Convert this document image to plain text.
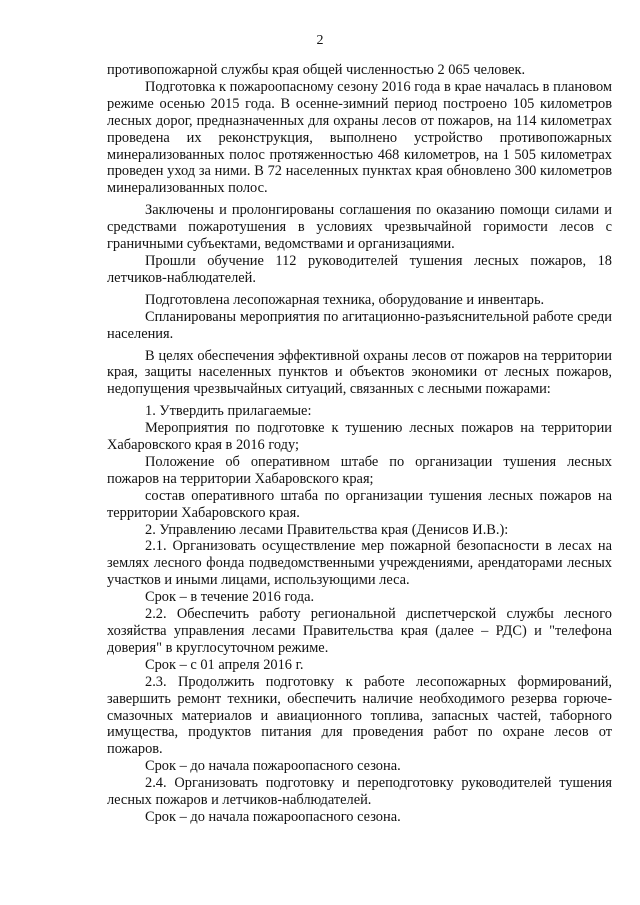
2

противопожарной службы края общей численностью 2 065 человек.

Подготовка к пожароопасному сезону 2016 года в крае началась в плановом режиме осенью 2015 года. В осенне-зимний период построено 105 километров лесных дорог, предназначенных для охраны лесов от пожаров, на 114 километрах проведена их реконструкция, выполнено устройство противопожарных минерализованных полос протяженностью 468 километров, на 1 505 километрах проведен уход за ними. В 72 населенных пунктах края обновлено 300 километров минерализованных полос.

Заключены и пролонгированы соглашения по оказанию помощи силами и средствами пожаротушения в условиях чрезвычайной горимости лесов с граничными субъектами, ведомствами и организациями.

Прошли обучение 112 руководителей тушения лесных пожаров, 18 летчиков-наблюдателей.

Подготовлена лесопожарная техника, оборудование и инвентарь.

Спланированы мероприятия по агитационно-разъяснительной работе среди населения.

В целях обеспечения эффективной охраны лесов от пожаров на территории края, защиты населенных пунктов и объектов экономики от лесных пожаров, недопущения чрезвычайных ситуаций, связанных с лесными пожарами:

1. Утвердить прилагаемые:

Мероприятия по подготовке к тушению лесных пожаров на территории Хабаровского края в 2016 году;

Положение об оперативном штабе по организации тушения лесных пожаров на территории Хабаровского края;

состав оперативного штаба по организации тушения лесных пожаров на территории Хабаровского края.

2. Управлению лесами Правительства края (Денисов И.В.):

2.1. Организовать осуществление мер пожарной безопасности в лесах на землях лесного фонда подведомственными учреждениями, арендаторами лесных участков и иными лицами, использующими леса.

Срок – в течение 2016 года.

2.2. Обеспечить работу региональной диспетчерской службы лесного хозяйства управления лесами Правительства края (далее – РДС) и "телефона доверия" в круглосуточном режиме.

Срок – с 01 апреля 2016 г.

2.3. Продолжить подготовку к работе лесопожарных формирований, завершить ремонт техники, обеспечить наличие необходимого резерва горюче-смазочных материалов и авиационного топлива, запасных частей, таборного имущества, продуктов питания для проведения работ по охране лесов от пожаров.

Срок – до начала пожароопасного сезона.

2.4. Организовать подготовку и переподготовку руководителей тушения лесных пожаров и летчиков-наблюдателей.

Срок – до начала пожароопасного сезона.
